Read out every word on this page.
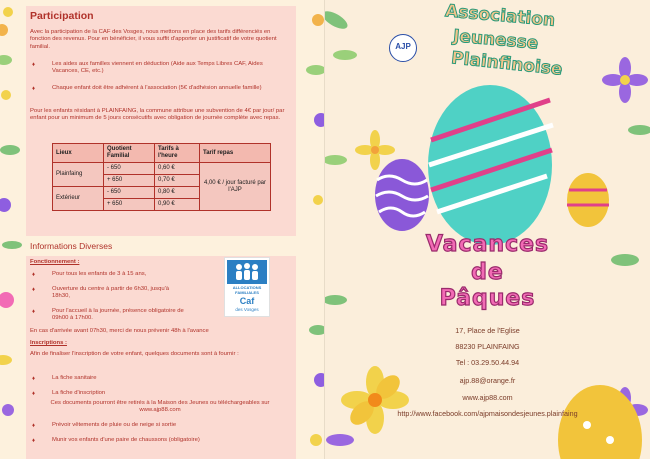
Participation
Avec la participation de la CAF des Vosges, nous mettons en place des tarifs différenciés en fonction des revenus. Pour en bénéficier, il vous suffit d'apporter un justificatif de votre quotient familial.
♦	Les aides aux familles viennent en déduction (Aide aux Temps Libres CAF, Aides Vacances, CE, etc.)
♦	Chaque enfant doit être adhérent à l'association (5€ d'adhésion annuelle famille)
Pour les enfants résidant à PLAINFAING, la commune attribue une subvention de 4€ par jour/ par enfant pour un minimum de 5 jours consécutifs avec obligation de journée complète avec repas.
Lieux	Quotient Familial	Tarifs à l'heure	Tarif repas
Plainfaing	- 650	0,60 €	4,00 € / jour facturé par l'AJP
	+ 650	0,70 €	
Extérieur	- 650	0,80 €	
	+ 650	0,90 €	
Informations Diverses
Fonctionnement :
♦	Pour tous les enfants de 3 à 15 ans,
♦	Ouverture du centre à partir de 6h30, jusqu'à 18h30,
♦	Pour l'accueil à la journée, présence obligatoire de 09h00 à 17h00.
En cas d'arrivée avant 07h30, merci de nous prévenir 48h à l'avance
Inscriptions :
Afin de finaliser l'inscription de votre enfant, quelques documents sont à fournir :
♦	La fiche sanitaire
♦	La fiche d'inscription
Ces documents pourront être retirés à la Maison des Jeunes ou téléchargeables sur www.ajp88.com
♦	Prévoir vêtements de pluie ou de neige si sortie
♦	Munir vos enfants d'une paire de chaussons (obligatoire)
ALLOCATIONS
FAMILIALES
Caf
des Vosges
AJP
Association
Jeunesse
Plainfinoise
Vacances
de
Pâques
17, Place de l'Eglise
88230 PLAINFAING
Tel : 03.29.50.44.94
ajp.88@orange.fr
www.ajp88.com
http://www.facebook.com/ajpmaisondesjeunes.plainfaing
